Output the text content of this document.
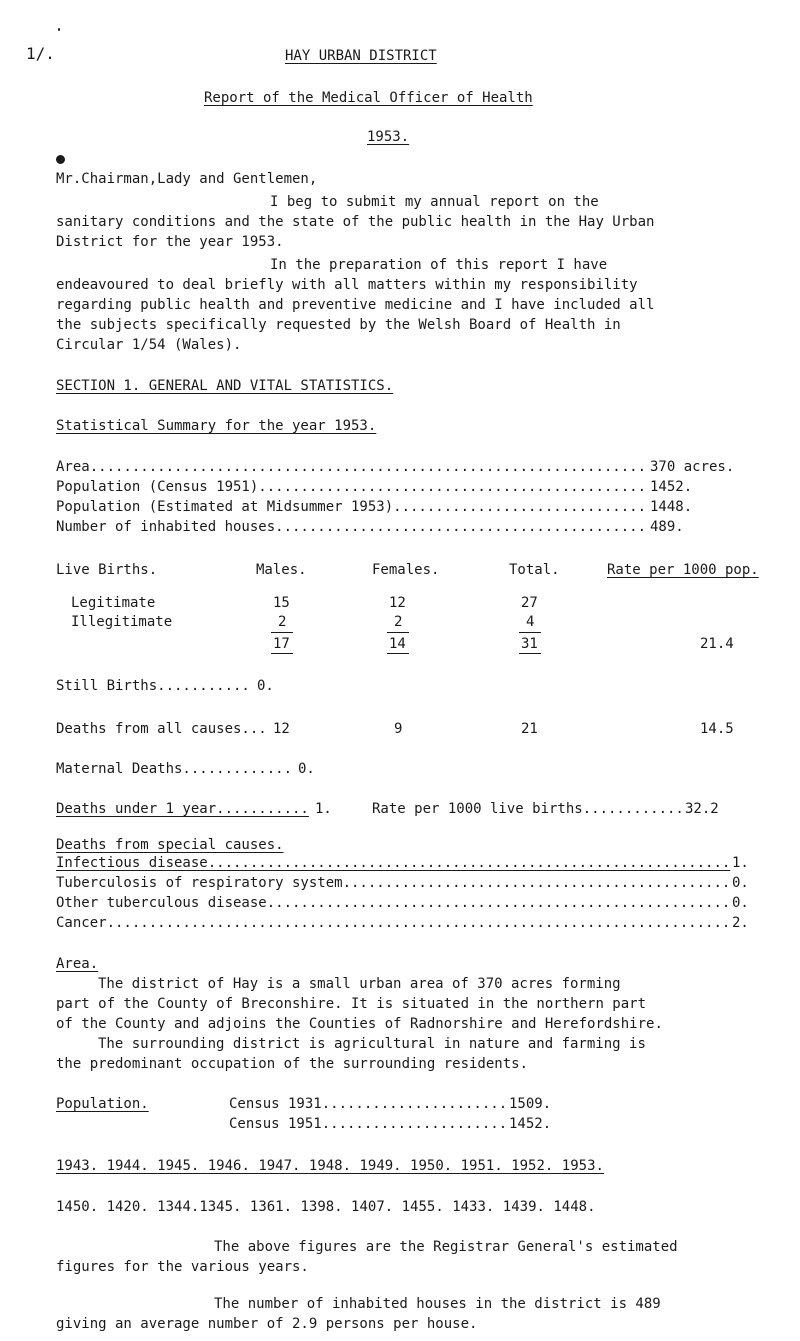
1/.	HAY URBAN DISTRICT
Report of the Medical Officer of Health
1953.
Mr.Chairman,Lady and Gentlemen,
I beg to submit my annual report on the
sanitary conditions and the state of the public health in the Hay Urban
District for the year 1953.
In the preparation of this report I have
endeavoured to deal briefly with all matters within my responsibility
regarding public health and preventive medicine and I have included all
the subjects specifically requested by the Welsh Board of Health in
Circular 1/54 (Wales).
SECTION 1. GENERAL AND VITAL STATISTICS.
Statistical Summary for the year 1953.
Area.................................................................. 370 acres.
Population (Census 1951).............................................. 1452.
Population (Estimated at Midsummer 1953).............................. 1448.
Number of inhabited houses............................................ 489.
Live Births.	Males.	Females.	Total.	Rate per 1000 pop.
Legitimate	15	12	27
Illegitimate	2	2	4
17	14	31	21.4
Still Births........... 0.
Deaths from all causes... 12	9	21	14.5
Maternal Deaths............. 0.
Deaths under 1 year........... 1.	Rate per 1000 live births............ 32.2
Deaths from special causes.
Infectious disease.............................................................. 1.
Tuberculosis of respiratory system.............................................. 0.
Other tuberculous disease....................................................... 0.
Cancer.......................................................................... 2.
Area.
The district of Hay is a small urban area of 370 acres forming
part of the County of Breconshire. It is situated in the northern part
of the County and adjoins the Counties of Radnorshire and Herefordshire.
The surrounding district is agricultural in nature and farming is
the predominant occupation of the surrounding residents.
Population.	Census 1931...................... 1509.
Census 1951...................... 1452.
1943. 1944. 1945. 1946. 1947. 1948. 1949. 1950. 1951. 1952. 1953.
1450. 1420. 1344.1345. 1361. 1398. 1407. 1455. 1433. 1439. 1448.
The above figures are the Registrar General's estimated
figures for the various years.
The number of inhabited houses in the district is 489
giving an average number of 2.9 persons per house.
